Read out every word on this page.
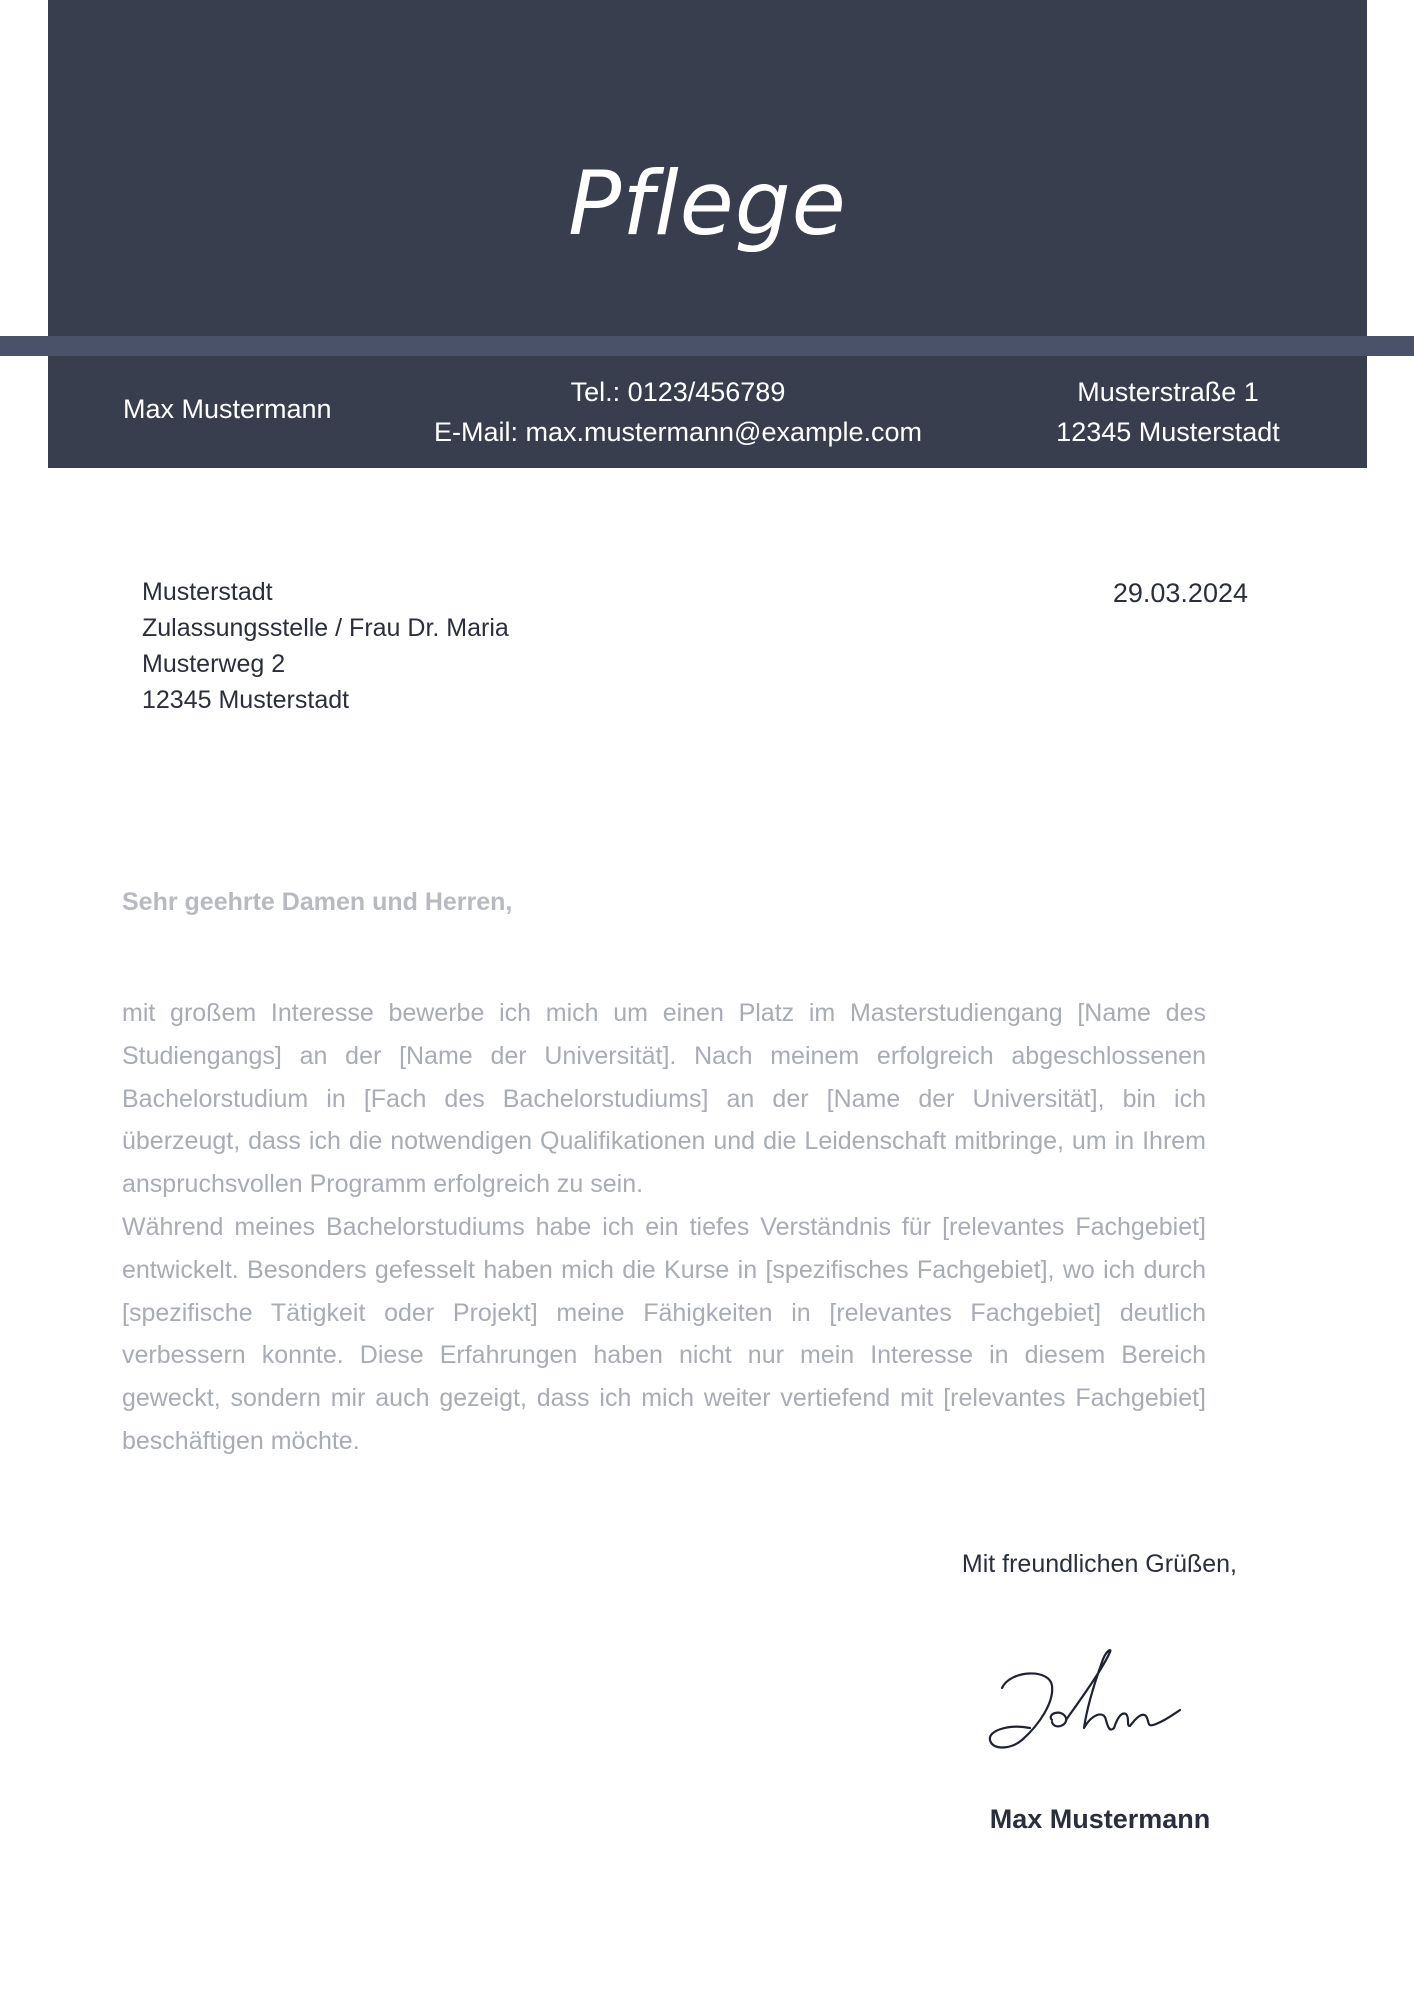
Pflege
Max Mustermann
Tel.: 0123/456789
E-Mail: max.mustermann@example.com
Musterstraße 1
12345 Musterstadt
Musterstadt
Zulassungsstelle / Frau Dr. Maria
Musterweg 2
12345 Musterstadt
29.03.2024
Sehr geehrte Damen und Herren,

mit großem Interesse bewerbe ich mich um einen Platz im Masterstudiengang [Name des Studiengangs] an der [Name der Universität]. Nach meinem erfolgreich abgeschlossenen Bachelorstudium in [Fach des Bachelorstudiums] an der [Name der Universität], bin ich überzeugt, dass ich die notwendigen Qualifikationen und die Leidenschaft mitbringe, um in Ihrem anspruchsvollen Programm erfolgreich zu sein.

Während meines Bachelorstudiums habe ich ein tiefes Verständnis für [relevantes Fachgebiet] entwickelt. Besonders gefesselt haben mich die Kurse in [spezifisches Fachgebiet], wo ich durch [spezifische Tätigkeit oder Projekt] meine Fähigkeiten in [relevantes Fachgebiet] deutlich verbessern konnte. Diese Erfahrungen haben nicht nur mein Interesse in diesem Bereich geweckt, sondern mir auch gezeigt, dass ich mich weiter vertiefend mit [relevantes Fachgebiet] beschäftigen möchte.

Mit freundlichen Grüßen,
Max Mustermann
